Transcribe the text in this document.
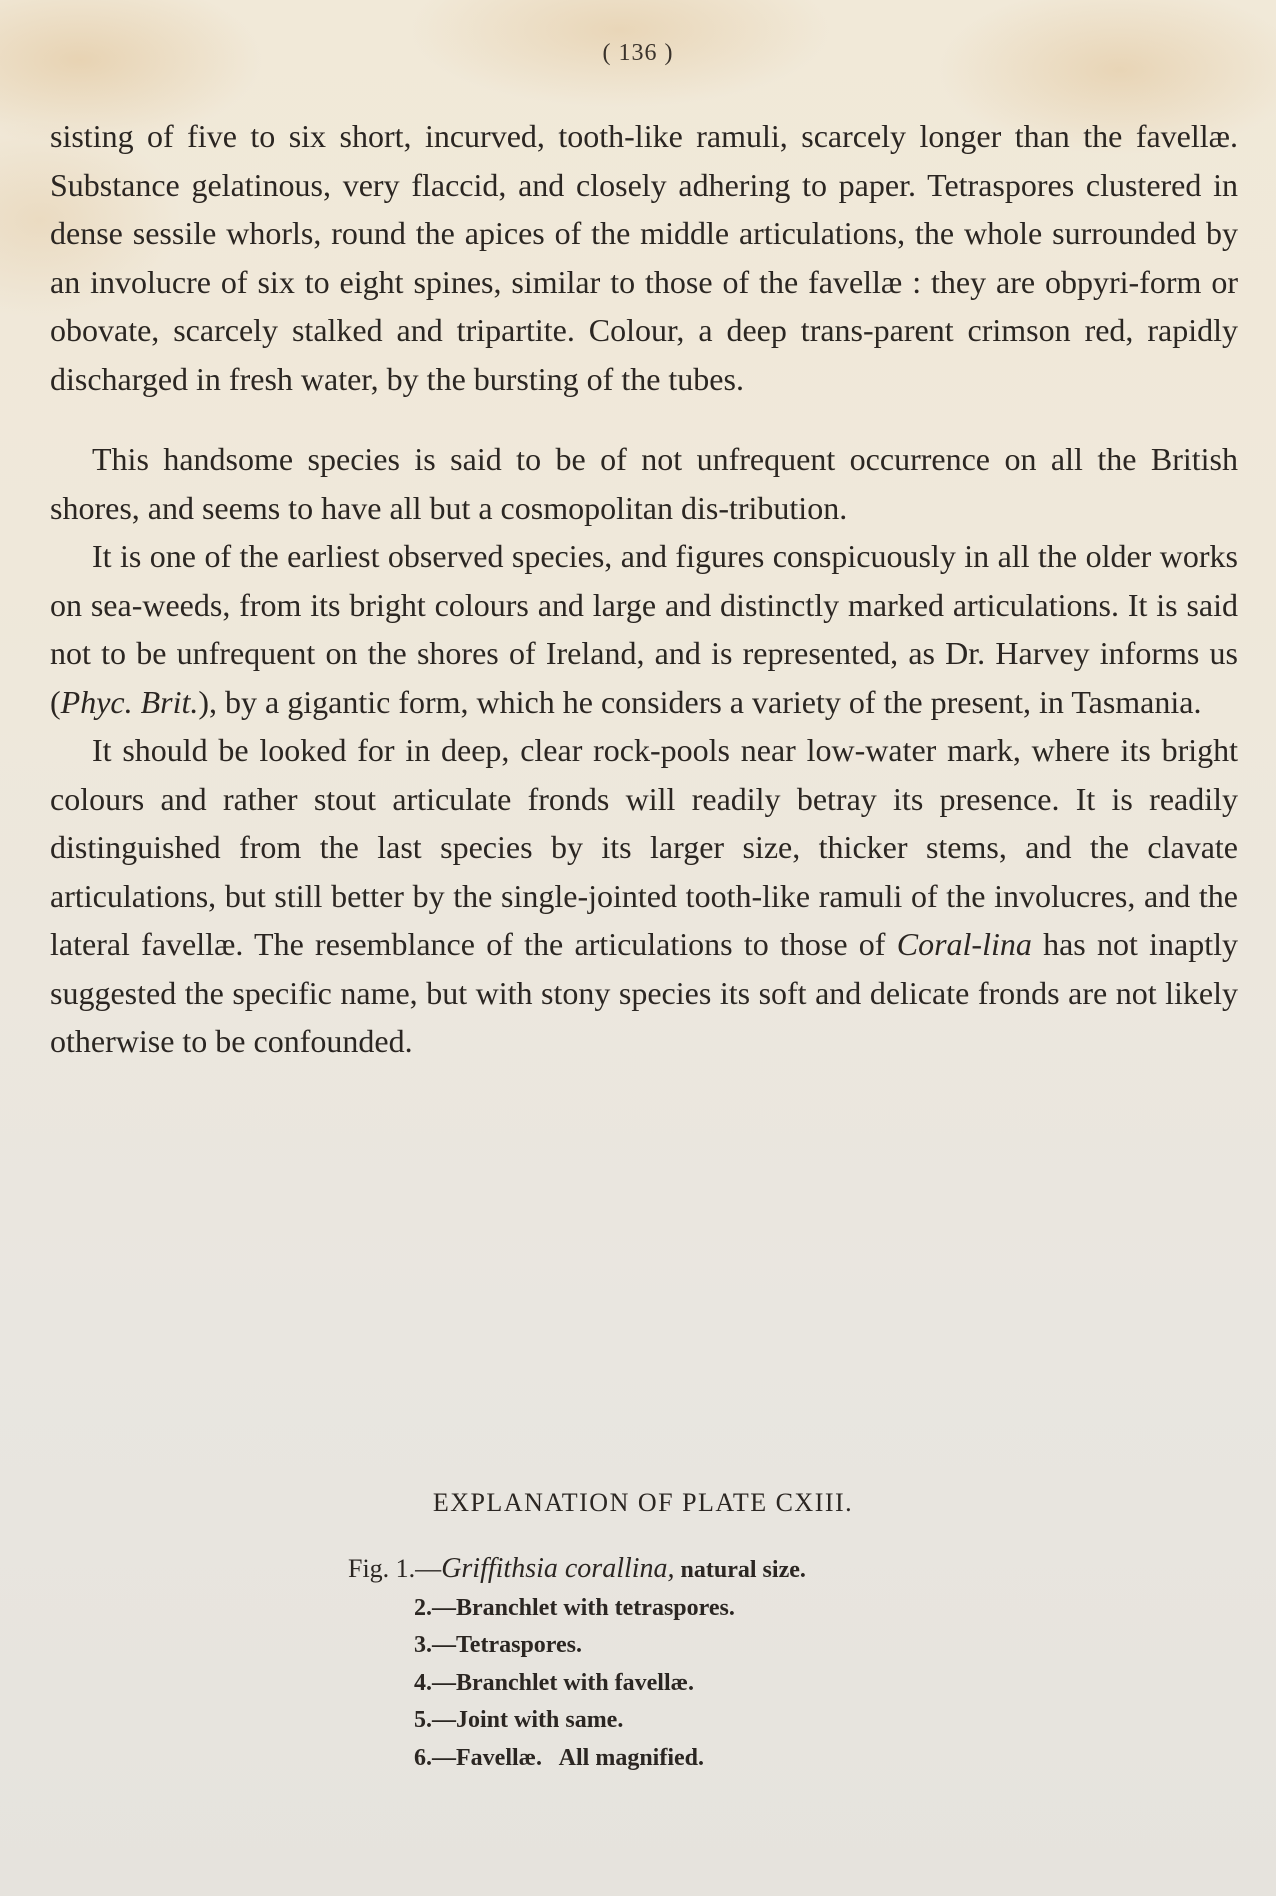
( 136 )

sisting of five to six short, incurved, tooth-like ramuli, scarcely longer than the favellæ. Substance gelatinous, very flaccid, and closely adhering to paper. Tetraspores clustered in dense sessile whorls, round the apices of the middle articulations, the whole surrounded by an involucre of six to eight spines, similar to those of the favellæ : they are obpyri-form or obovate, scarcely stalked and tripartite. Colour, a deep trans-parent crimson red, rapidly discharged in fresh water, by the bursting of the tubes.

This handsome species is said to be of not unfrequent occurrence on all the British shores, and seems to have all but a cosmopolitan dis-tribution.

It is one of the earliest observed species, and figures conspicuously in all the older works on sea-weeds, from its bright colours and large and distinctly marked articulations. It is said not to be unfrequent on the shores of Ireland, and is represented, as Dr. Harvey informs us (Phyc. Brit.), by a gigantic form, which he considers a variety of the present, in Tasmania.

It should be looked for in deep, clear rock-pools near low-water mark, where its bright colours and rather stout articulate fronds will readily betray its presence. It is readily distinguished from the last species by its larger size, thicker stems, and the clavate articulations, but still better by the single-jointed tooth-like ramuli of the involucres, and the lateral favellæ. The resemblance of the articulations to those of Coral-lina has not inaptly suggested the specific name, but with stony species its soft and delicate fronds are not likely otherwise to be confounded.

EXPLANATION OF PLATE CXIII.
Fig. 1.—Griffithsia corallina, natural size.
2.—Branchlet with tetraspores.
3.—Tetraspores.
4.—Branchlet with favellæ.
5.—Joint with same.
6.—Favellæ.   All magnified.
